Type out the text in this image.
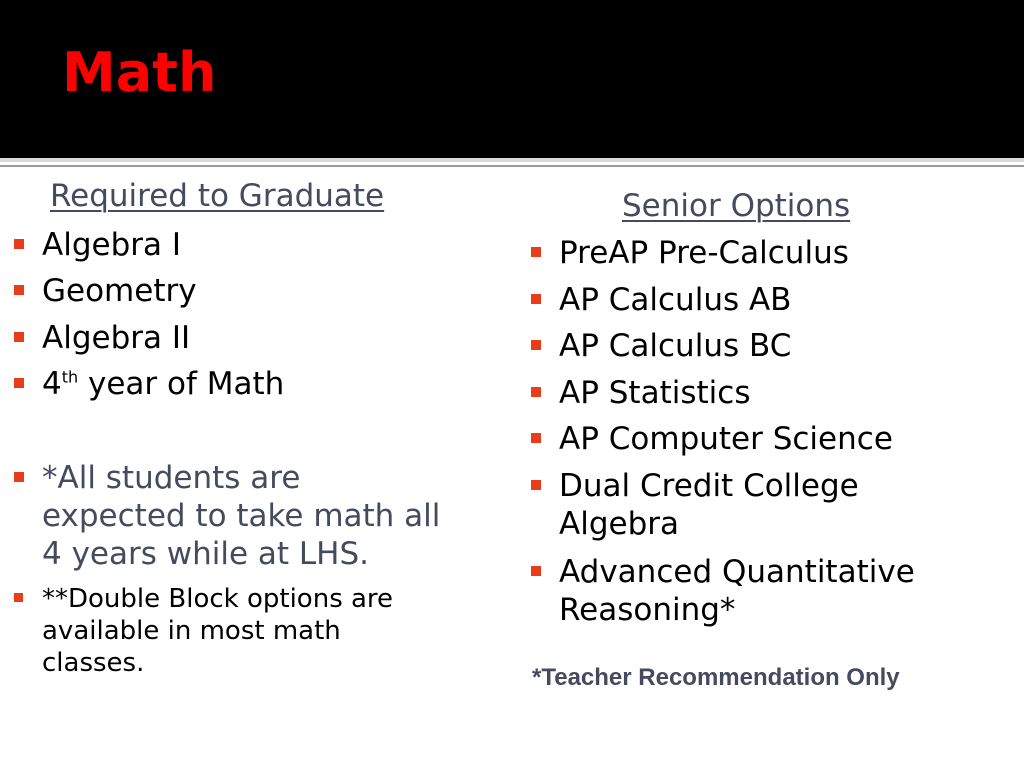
Math
Required to Graduate
Algebra I
Geometry
Algebra II
4th year of Math
*All students are expected to take math all 4 years while at LHS.
**Double Block options are available in most math classes.
Senior Options
PreAP Pre-Calculus
AP Calculus AB
AP Calculus BC
AP Statistics
AP Computer Science
Dual Credit College Algebra
Advanced Quantitative Reasoning*
*Teacher Recommendation Only
